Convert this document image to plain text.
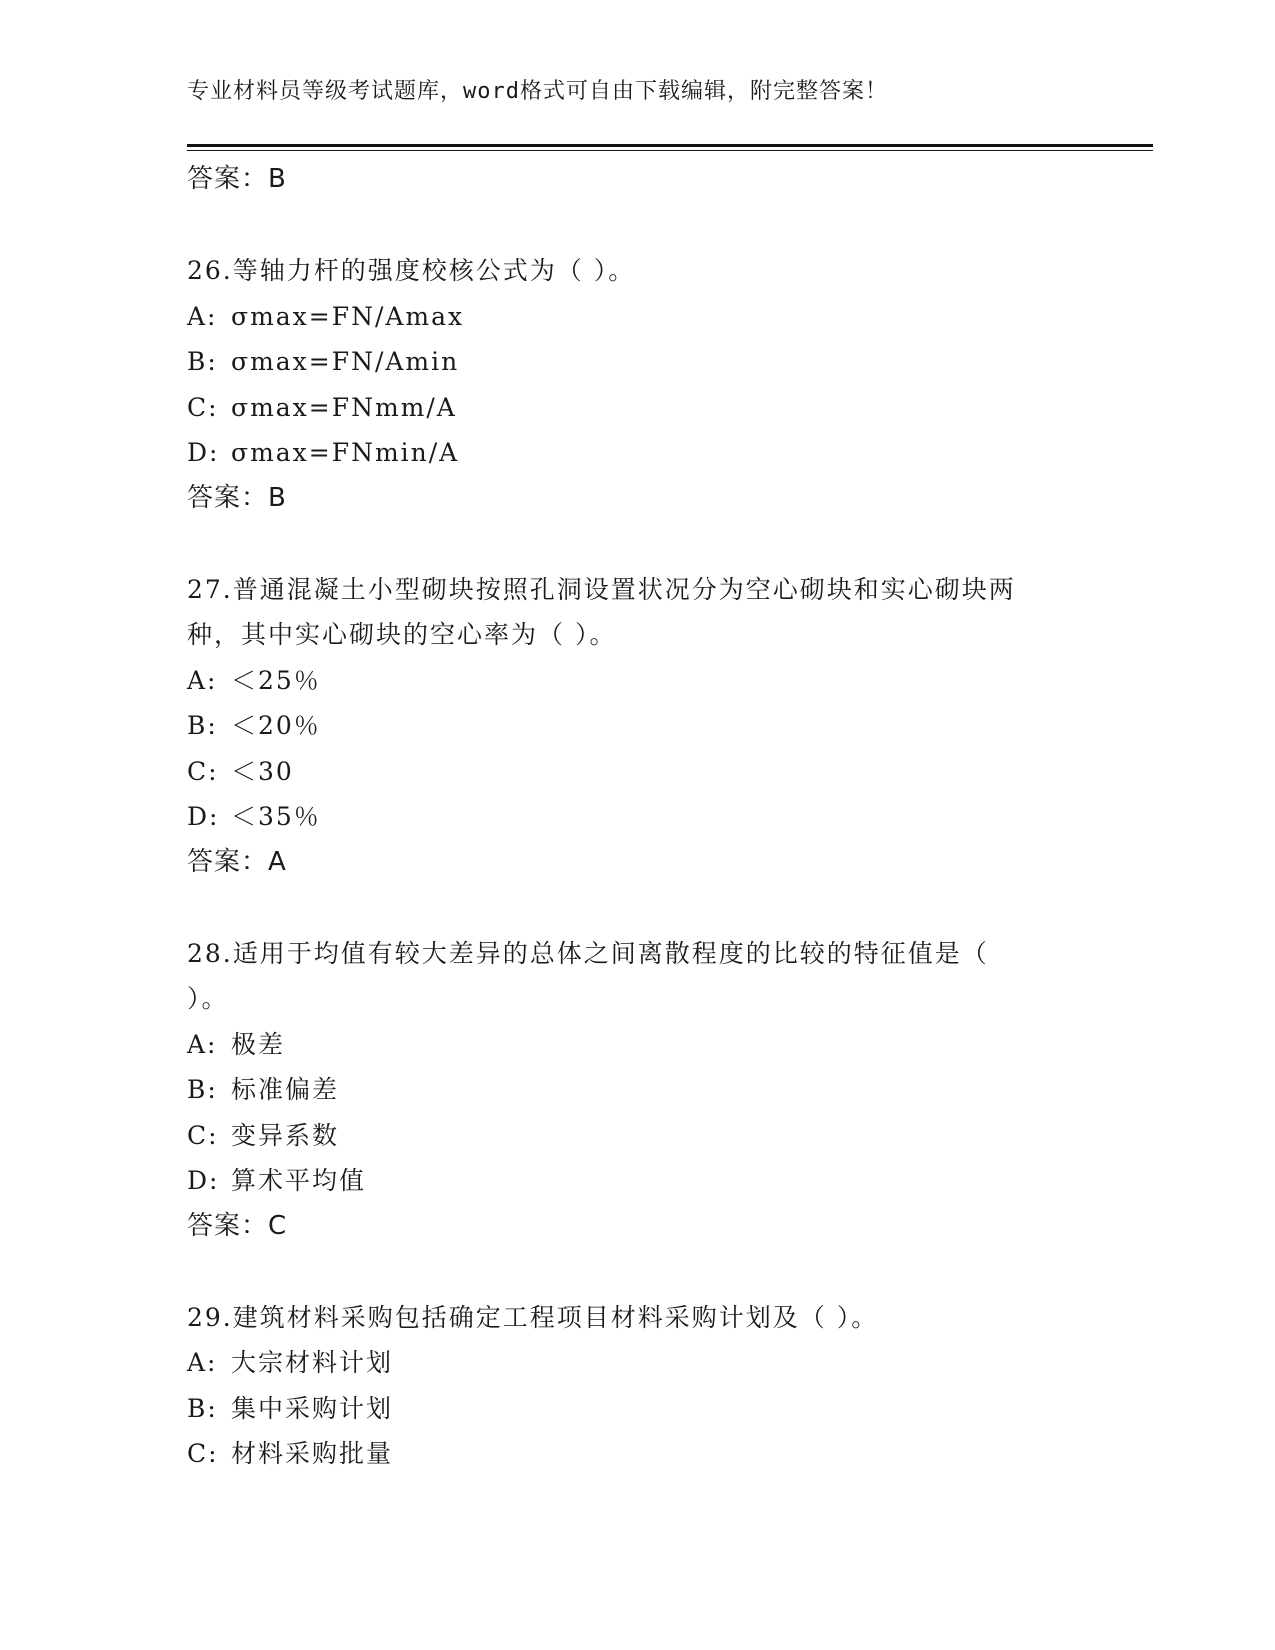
专业材料员等级考试题库，word格式可自由下载编辑，附完整答案！
答案：B
26.等轴力杆的强度校核公式为（ ）。
A: σmax=FN/Amax
B: σmax=FN/Amin
C: σmax=FNmm/A
D: σmax=FNmin/A
答案：B
27.普通混凝土小型砌块按照孔洞设置状况分为空心砌块和实心砌块两
种，其中实心砌块的空心率为（ ）。
A: ＜25％
B: ＜20％
C: ＜30
D: ＜35％
答案：A
28.适用于均值有较大差异的总体之间离散程度的比较的特征值是（
）。
A: 极差
B: 标准偏差
C: 变异系数
D: 算术平均值
答案：C
29.建筑材料采购包括确定工程项目材料采购计划及（ ）。
A: 大宗材料计划
B: 集中采购计划
C: 材料采购批量
